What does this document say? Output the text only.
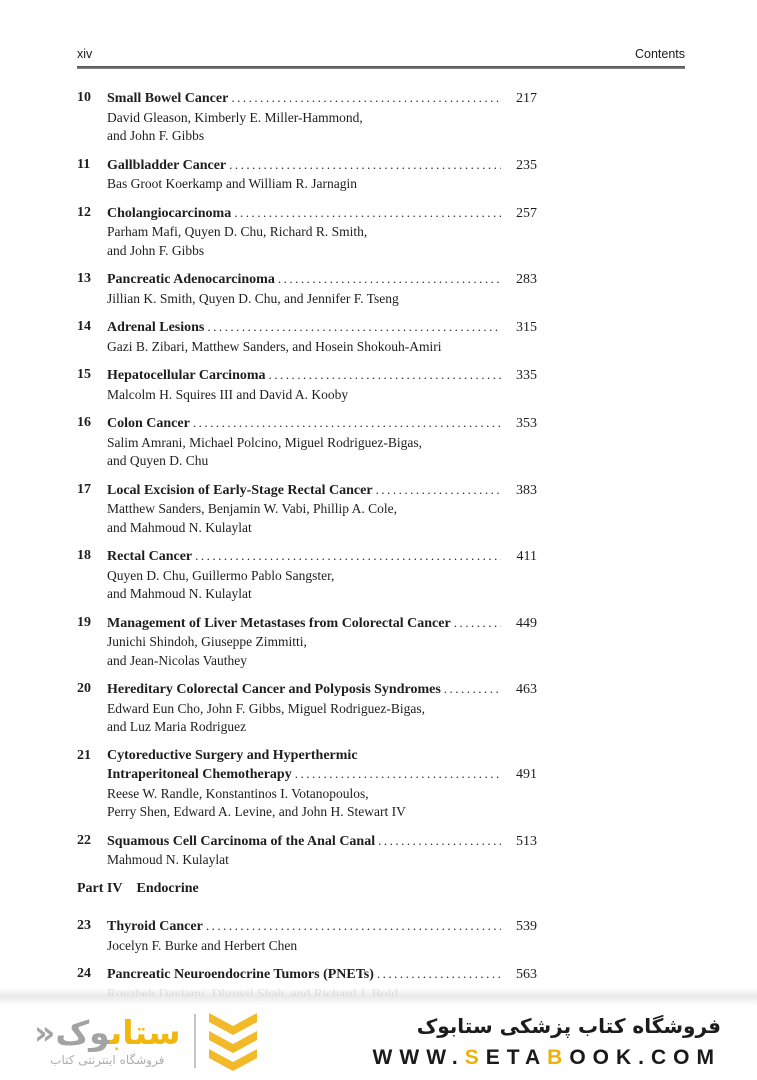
xiv	Contents
10	Small Bowel Cancer .....	217
David Gleason, Kimberly E. Miller-Hammond,
and John F. Gibbs
11	Gallbladder Cancer .....	235
Bas Groot Koerkamp and William R. Jarnagin
12	Cholangiocarcinoma .....	257
Parham Mafi, Quyen D. Chu, Richard R. Smith,
and John F. Gibbs
13	Pancreatic Adenocarcinoma .....	283
Jillian K. Smith, Quyen D. Chu, and Jennifer F. Tseng
14	Adrenal Lesions .....	315
Gazi B. Zibari, Matthew Sanders, and Hosein Shokouh-Amiri
15	Hepatocellular Carcinoma .....	335
Malcolm H. Squires III and David A. Kooby
16	Colon Cancer .....	353
Salim Amrani, Michael Polcino, Miguel Rodriguez-Bigas,
and Quyen D. Chu
17	Local Excision of Early-Stage Rectal Cancer .....	383
Matthew Sanders, Benjamin W. Vabi, Phillip A. Cole,
and Mahmoud N. Kulaylat
18	Rectal Cancer .....	411
Quyen D. Chu, Guillermo Pablo Sangster,
and Mahmoud N. Kulaylat
19	Management of Liver Metastases from Colorectal Cancer .....	449
Junichi Shindoh, Giuseppe Zimmitti,
and Jean-Nicolas Vauthey
20	Hereditary Colorectal Cancer and Polyposis Syndromes .....	463
Edward Eun Cho, John F. Gibbs, Miguel Rodriguez-Bigas,
and Luz Maria Rodriguez
21	Cytoreductive Surgery and Hyperthermic
Intraperitoneal Chemotherapy .....	491
Reese W. Randle, Konstantinos I. Votanopoulos,
Perry Shen, Edward A. Levine, and John H. Stewart IV
22	Squamous Cell Carcinoma of the Anal Canal .....	513
Mahmoud N. Kulaylat
Part IV Endocrine
23	Thyroid Cancer .....	539
Jocelyn F. Burke and Herbert Chen
24	Pancreatic Neuroendocrine Tumors (PNETs) .....	563
ستاب‍‍وک«
فروشگاه اینترنتی کتاب
فروشگاه کتاب پزشکی ستابوک
WWW.SETABOOK.COM
